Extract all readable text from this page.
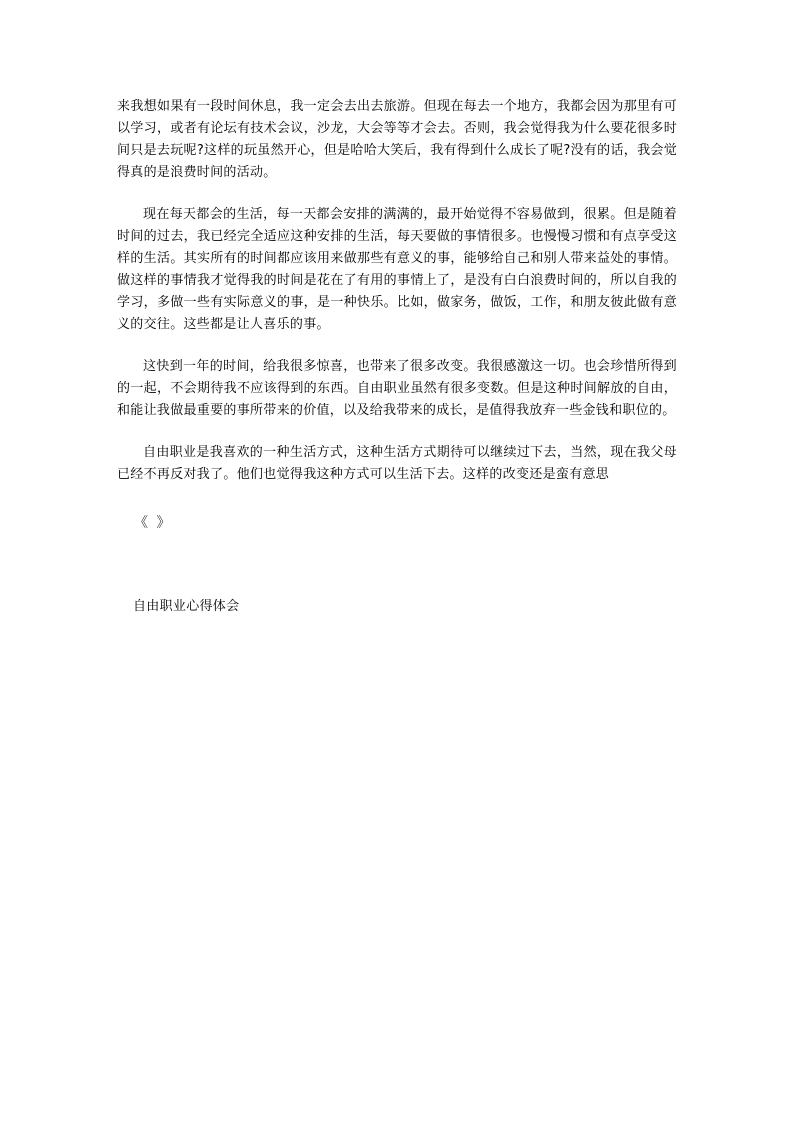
来我想如果有一段时间休息，我一定会去出去旅游。但现在每去一个地方，我都会因为那里有可以学习，或者有论坛有技术会议，沙龙，大会等等才会去。否则，我会觉得我为什么要花很多时间只是去玩呢?这样的玩虽然开心，但是哈哈大笑后，我有得到什么成长了呢?没有的话，我会觉得真的是浪费时间的活动。

现在每天都会的生活，每一天都会安排的满满的，最开始觉得不容易做到，很累。但是随着时间的过去，我已经完全适应这种安排的生活，每天要做的事情很多。也慢慢习惯和有点享受这样的生活。其实所有的时间都应该用来做那些有意义的事，能够给自己和别人带来益处的事情。做这样的事情我才觉得我的时间是花在了有用的事情上了，是没有白白浪费时间的，所以自我的学习，多做一些有实际意义的事，是一种快乐。比如，做家务，做饭，工作，和朋友彼此做有意义的交往。这些都是让人喜乐的事。

这快到一年的时间，给我很多惊喜，也带来了很多改变。我很感激这一切。也会珍惜所得到的一起，不会期待我不应该得到的东西。自由职业虽然有很多变数。但是这种时间解放的自由，和能让我做最重要的事所带来的价值，以及给我带来的成长，是值得我放弃一些金钱和职位的。

自由职业是我喜欢的一种生活方式，这种生活方式期待可以继续过下去，当然，现在我父母已经不再反对我了。他们也觉得我这种方式可以生活下去。这样的改变还是蛮有意思

《 》
自由职业心得体会
